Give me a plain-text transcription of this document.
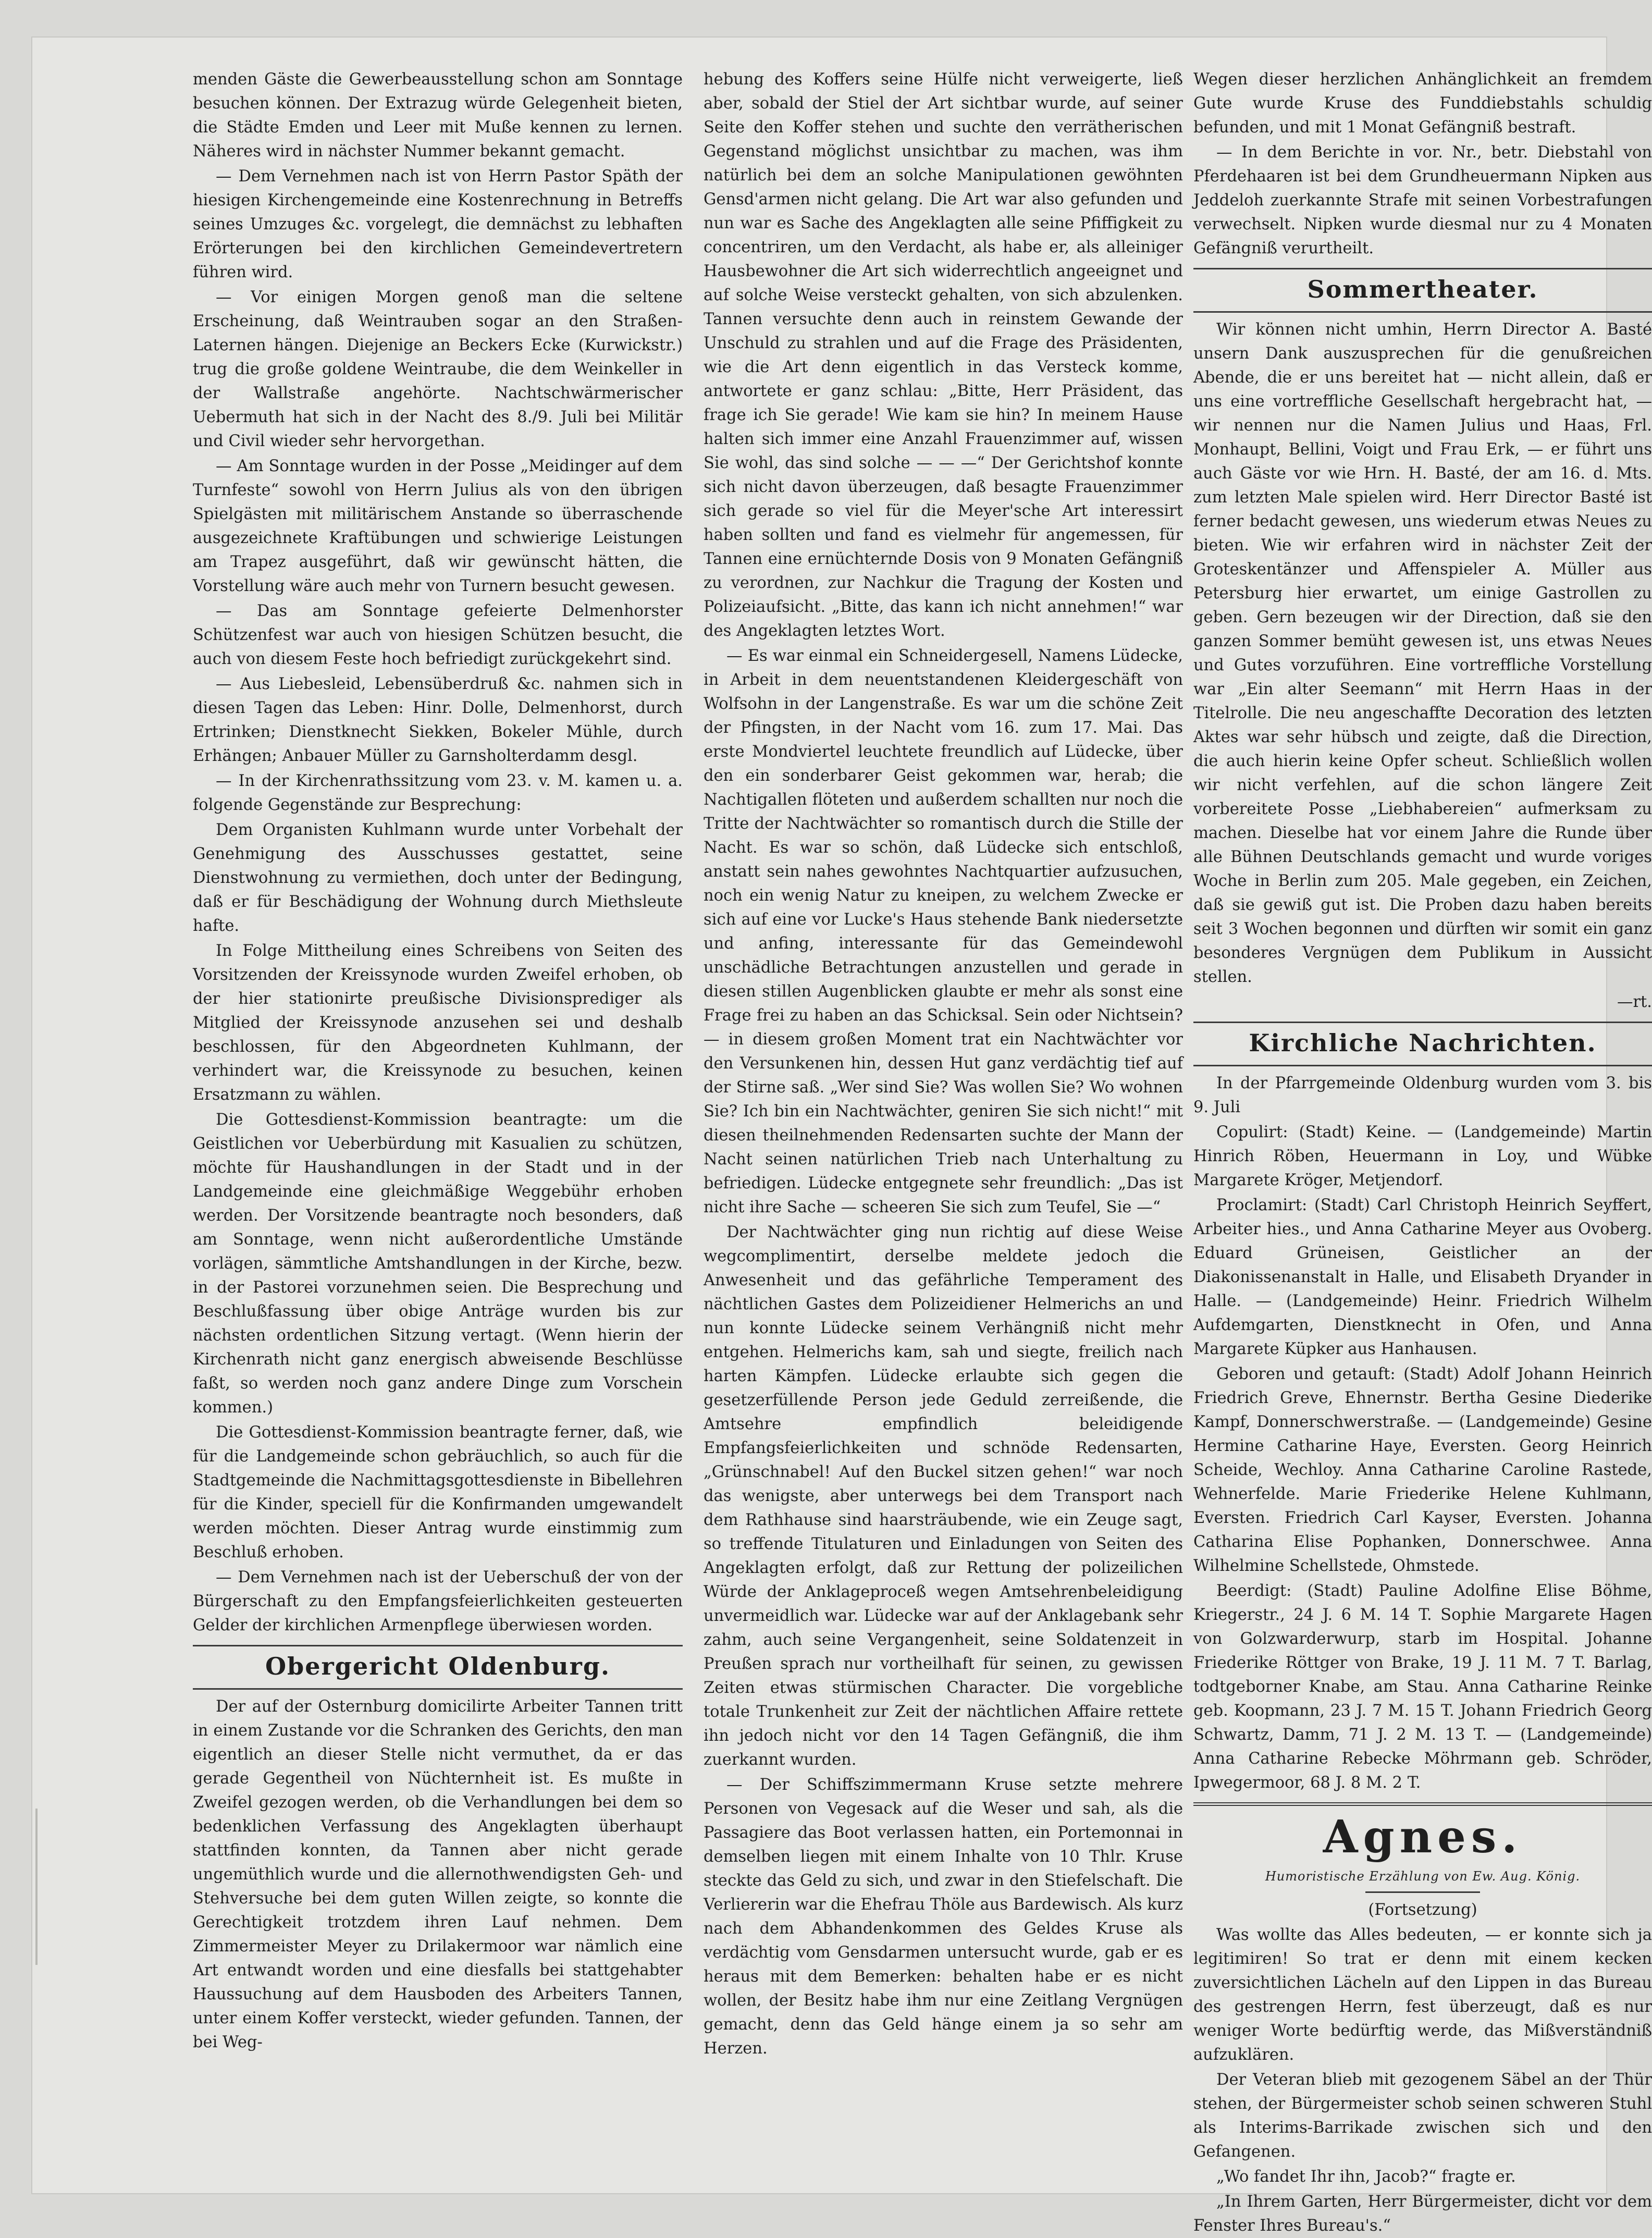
menden Gäste die Gewerbeausstellung schon am Sonntage besuchen können. Der Extrazug würde Gelegenheit bieten, die Städte Emden und Leer mit Muße kennen zu lernen. Näheres wird in nächster Nummer bekannt gemacht.

— Dem Vernehmen nach ist von Herrn Pastor Späth der hiesigen Kirchengemeinde eine Kostenrechnung in Betreffs seines Umzuges &c. vorgelegt, die demnächst zu lebhaften Erörterungen bei den kirchlichen Gemeindevertretern führen wird.

— Vor einigen Morgen genoß man die seltene Erscheinung, daß Weintrauben sogar an den Straßen-Laternen hängen. Diejenige an Beckers Ecke (Kurwickstr.) trug die große goldene Weintraube, die dem Weinkeller in der Wallstraße angehörte. Nachtschwärmerischer Uebermuth hat sich in der Nacht des 8./9. Juli bei Militär und Civil wieder sehr hervorgethan.

— Am Sonntage wurden in der Posse „Meidinger auf dem Turnfeste“ sowohl von Herrn Julius als von den übrigen Spielgästen mit militärischem Anstande so überraschende ausgezeichnete Kraftübungen und schwierige Leistungen am Trapez ausgeführt, daß wir gewünscht hätten, die Vorstellung wäre auch mehr von Turnern besucht gewesen.

— Das am Sonntage gefeierte Delmenhorster Schützenfest war auch von hiesigen Schützen besucht, die auch von diesem Feste hoch befriedigt zurückgekehrt sind.

— Aus Liebesleid, Lebensüberdruß &c. nahmen sich in diesen Tagen das Leben: Hinr. Dolle, Delmenhorst, durch Ertrinken; Dienstknecht Siekken, Bokeler Mühle, durch Erhängen; Anbauer Müller zu Garnsholterdamm desgl.

— In der Kirchenrathssitzung vom 23. v. M. kamen u. a. folgende Gegenstände zur Besprechung:

Dem Organisten Kuhlmann wurde unter Vorbehalt der Genehmigung des Ausschusses gestattet, seine Dienstwohnung zu vermiethen, doch unter der Bedingung, daß er für Beschädigung der Wohnung durch Miethsleute hafte.

In Folge Mittheilung eines Schreibens von Seiten des Vorsitzenden der Kreissynode wurden Zweifel erhoben, ob der hier stationirte preußische Divisionsprediger als Mitglied der Kreissynode anzusehen sei und deshalb beschlossen, für den Abgeordneten Kuhlmann, der verhindert war, die Kreissynode zu besuchen, keinen Ersatzmann zu wählen.

Die Gottesdienst-Kommission beantragte: um die Geistlichen vor Ueberbürdung mit Kasualien zu schützen, möchte für Haushandlungen in der Stadt und in der Landgemeinde eine gleichmäßige Weggebühr erhoben werden. Der Vorsitzende beantragte noch besonders, daß am Sonntage, wenn nicht außerordentliche Umstände vorlägen, sämmtliche Amtshandlungen in der Kirche, bezw. in der Pastorei vorzunehmen seien. Die Besprechung und Beschlußfassung über obige Anträge wurden bis zur nächsten ordentlichen Sitzung vertagt. (Wenn hierin der Kirchenrath nicht ganz energisch abweisende Beschlüsse faßt, so werden noch ganz andere Dinge zum Vorschein kommen.)

Die Gottesdienst-Kommission beantragte ferner, daß, wie für die Landgemeinde schon gebräuchlich, so auch für die Stadtgemeinde die Nachmittagsgottesdienste in Bibellehren für die Kinder, speciell für die Konfirmanden umgewandelt werden möchten. Dieser Antrag wurde einstimmig zum Beschluß erhoben.

— Dem Vernehmen nach ist der Ueberschuß der von der Bürgerschaft zu den Empfangsfeierlichkeiten gesteuerten Gelder der kirchlichen Armenpflege überwiesen worden.

Obergericht Oldenburg.

Der auf der Osternburg domicilirte Arbeiter Tannen tritt in einem Zustande vor die Schranken des Gerichts, den man eigentlich an dieser Stelle nicht vermuthet, da er das gerade Gegentheil von Nüchternheit ist. Es mußte in Zweifel gezogen werden, ob die Verhandlungen bei dem so bedenklichen Verfassung des Angeklagten überhaupt stattfinden konnten, da Tannen aber nicht gerade ungemüthlich wurde und die allernothwendigsten Geh- und Stehversuche bei dem guten Willen zeigte, so konnte die Gerechtigkeit trotzdem ihren Lauf nehmen. Dem Zimmermeister Meyer zu Drilakermoor war nämlich eine Art entwandt worden und eine diesfalls bei stattgehabter Haussuchung auf dem Hausboden des Arbeiters Tannen, unter einem Koffer versteckt, wieder gefunden. Tannen, der bei Weg-

hebung des Koffers seine Hülfe nicht verweigerte, ließ aber, sobald der Stiel der Art sichtbar wurde, auf seiner Seite den Koffer stehen und suchte den verrätherischen Gegenstand möglichst unsichtbar zu machen, was ihm natürlich bei dem an solche Manipulationen gewöhnten Gensd'armen nicht gelang. Die Art war also gefunden und nun war es Sache des Angeklagten alle seine Pfiffigkeit zu concentriren, um den Verdacht, als habe er, als alleiniger Hausbewohner die Art sich widerrechtlich angeeignet und auf solche Weise versteckt gehalten, von sich abzulenken. Tannen versuchte denn auch in reinstem Gewande der Unschuld zu strahlen und auf die Frage des Präsidenten, wie die Art denn eigentlich in das Versteck komme, antwortete er ganz schlau: „Bitte, Herr Präsident, das frage ich Sie gerade! Wie kam sie hin? In meinem Hause halten sich immer eine Anzahl Frauenzimmer auf, wissen Sie wohl, das sind solche — — —“ Der Gerichtshof konnte sich nicht davon überzeugen, daß besagte Frauenzimmer sich gerade so viel für die Meyer'sche Art interessirt haben sollten und fand es vielmehr für angemessen, für Tannen eine ernüchternde Dosis von 9 Monaten Gefängniß zu verordnen, zur Nachkur die Tragung der Kosten und Polizeiaufsicht. „Bitte, das kann ich nicht annehmen!“ war des Angeklagten letztes Wort.

— Es war einmal ein Schneidergesell, Namens Lüdecke, in Arbeit in dem neuentstandenen Kleidergeschäft von Wolfsohn in der Langenstraße. Es war um die schöne Zeit der Pfingsten, in der Nacht vom 16. zum 17. Mai. Das erste Mondviertel leuchtete freundlich auf Lüdecke, über den ein sonderbarer Geist gekommen war, herab; die Nachtigallen flöteten und außerdem schallten nur noch die Tritte der Nachtwächter so romantisch durch die Stille der Nacht. Es war so schön, daß Lüdecke sich entschloß, anstatt sein nahes gewohntes Nachtquartier aufzusuchen, noch ein wenig Natur zu kneipen, zu welchem Zwecke er sich auf eine vor Lucke's Haus stehende Bank niedersetzte und anfing, interessante für das Gemeindewohl unschädliche Betrachtungen anzustellen und gerade in diesen stillen Augenblicken glaubte er mehr als sonst eine Frage frei zu haben an das Schicksal. Sein oder Nichtsein? — in diesem großen Moment trat ein Nachtwächter vor den Versunkenen hin, dessen Hut ganz verdächtig tief auf der Stirne saß. „Wer sind Sie? Was wollen Sie? Wo wohnen Sie? Ich bin ein Nachtwächter, geniren Sie sich nicht!“ mit diesen theilnehmenden Redensarten suchte der Mann der Nacht seinen natürlichen Trieb nach Unterhaltung zu befriedigen. Lüdecke entgegnete sehr freundlich: „Das ist nicht ihre Sache — scheeren Sie sich zum Teufel, Sie —“

Der Nachtwächter ging nun richtig auf diese Weise wegcomplimentirt, derselbe meldete jedoch die Anwesenheit und das gefährliche Temperament des nächtlichen Gastes dem Polizeidiener Helmerichs an und nun konnte Lüdecke seinem Verhängniß nicht mehr entgehen. Helmerichs kam, sah und siegte, freilich nach harten Kämpfen. Lüdecke erlaubte sich gegen die gesetzerfüllende Person jede Geduld zerreißende, die Amtsehre empfindlich beleidigende Empfangsfeierlichkeiten und schnöde Redensarten, „Grünschnabel! Auf den Buckel sitzen gehen!“ war noch das wenigste, aber unterwegs bei dem Transport nach dem Rathhause sind haarsträubende, wie ein Zeuge sagt, so treffende Titulaturen und Einladungen von Seiten des Angeklagten erfolgt, daß zur Rettung der polizeilichen Würde der Anklageproceß wegen Amtsehrenbeleidigung unvermeidlich war. Lüdecke war auf der Anklagebank sehr zahm, auch seine Vergangenheit, seine Soldatenzeit in Preußen sprach nur vortheilhaft für seinen, zu gewissen Zeiten etwas stürmischen Character. Die vorgebliche totale Trunkenheit zur Zeit der nächtlichen Affaire rettete ihn jedoch nicht vor den 14 Tagen Gefängniß, die ihm zuerkannt wurden.

— Der Schiffszimmermann Kruse setzte mehrere Personen von Vegesack auf die Weser und sah, als die Passagiere das Boot verlassen hatten, ein Portemonnai in demselben liegen mit einem Inhalte von 10 Thlr. Kruse steckte das Geld zu sich, und zwar in den Stiefelschaft. Die Verliererin war die Ehefrau Thöle aus Bardewisch. Als kurz nach dem Abhandenkommen des Geldes Kruse als verdächtig vom Gensdarmen untersucht wurde, gab er es heraus mit dem Bemerken: behalten habe er es nicht wollen, der Besitz habe ihm nur eine Zeitlang Vergnügen gemacht, denn das Geld hänge einem ja so sehr am Herzen.

Wegen dieser herzlichen Anhänglichkeit an fremdem Gute wurde Kruse des Funddiebstahls schuldig befunden, und mit 1 Monat Gefängniß bestraft.

— In dem Berichte in vor. Nr., betr. Diebstahl von Pferdehaaren ist bei dem Grundheuermann Nipken aus Jeddeloh zuerkannte Strafe mit seinen Vorbestrafungen verwechselt. Nipken wurde diesmal nur zu 4 Monaten Gefängniß verurtheilt.

Sommertheater.

Wir können nicht umhin, Herrn Director A. Basté unsern Dank auszusprechen für die genußreichen Abende, die er uns bereitet hat — nicht allein, daß er uns eine vortreffliche Gesellschaft hergebracht hat, — wir nennen nur die Namen Julius und Haas, Frl. Monhaupt, Bellini, Voigt und Frau Erk, — er führt uns auch Gäste vor wie Hrn. H. Basté, der am 16. d. Mts. zum letzten Male spielen wird. Herr Director Basté ist ferner bedacht gewesen, uns wiederum etwas Neues zu bieten. Wie wir erfahren wird in nächster Zeit der Groteskentänzer und Affenspieler A. Müller aus Petersburg hier erwartet, um einige Gastrollen zu geben. Gern bezeugen wir der Direction, daß sie den ganzen Sommer bemüht gewesen ist, uns etwas Neues und Gutes vorzuführen. Eine vortreffliche Vorstellung war „Ein alter Seemann“ mit Herrn Haas in der Titelrolle. Die neu angeschaffte Decoration des letzten Aktes war sehr hübsch und zeigte, daß die Direction, die auch hierin keine Opfer scheut. Schließlich wollen wir nicht verfehlen, auf die schon längere Zeit vorbereitete Posse „Liebhabereien“ aufmerksam zu machen. Dieselbe hat vor einem Jahre die Runde über alle Bühnen Deutschlands gemacht und wurde voriges Woche in Berlin zum 205. Male gegeben, ein Zeichen, daß sie gewiß gut ist. Die Proben dazu haben bereits seit 3 Wochen begonnen und dürften wir somit ein ganz besonderes Vergnügen dem Publikum in Aussicht stellen.

—rt.

Kirchliche Nachrichten.

In der Pfarrgemeinde Oldenburg wurden vom 3. bis 9. Juli

Copulirt: (Stadt) Keine. — (Landgemeinde) Martin Hinrich Röben, Heuermann in Loy, und Wübke Margarete Kröger, Metjendorf.

Proclamirt: (Stadt) Carl Christoph Heinrich Seyffert, Arbeiter hies., und Anna Catharine Meyer aus Ovoberg. Eduard Grüneisen, Geistlicher an der Diakonissenanstalt in Halle, und Elisabeth Dryander in Halle. — (Landgemeinde) Heinr. Friedrich Wilhelm Aufdemgarten, Dienstknecht in Ofen, und Anna Margarete Küpker aus Hanhausen.

Geboren und getauft: (Stadt) Adolf Johann Heinrich Friedrich Greve, Ehnernstr. Bertha Gesine Diederike Kampf, Donnerschwerstraße. — (Landgemeinde) Gesine Hermine Catharine Haye, Eversten. Georg Heinrich Scheide, Wechloy. Anna Catharine Caroline Rastede, Wehnerfelde. Marie Friederike Helene Kuhlmann, Eversten. Friedrich Carl Kayser, Eversten. Johanna Catharina Elise Pophanken, Donnerschwee. Anna Wilhelmine Schellstede, Ohmstede.

Beerdigt: (Stadt) Pauline Adolfine Elise Böhme, Kriegerstr., 24 J. 6 M. 14 T. Sophie Margarete Hagen von Golzwarderwurp, starb im Hospital. Johanne Friederike Röttger von Brake, 19 J. 11 M. 7 T. Barlag, todtgeborner Knabe, am Stau. Anna Catharine Reinke geb. Koopmann, 23 J. 7 M. 15 T. Johann Friedrich Georg Schwartz, Damm, 71 J. 2 M. 13 T. — (Landgemeinde) Anna Catharine Rebecke Möhrmann geb. Schröder, Ipwegermoor, 68 J. 8 M. 2 T.

Agnes.
Humoristische Erzählung von Ew. Aug. König.

(Fortsetzung)

Was wollte das Alles bedeuten, — er konnte sich ja legitimiren! So trat er denn mit einem kecken zuversichtlichen Lächeln auf den Lippen in das Bureau des gestrengen Herrn, fest überzeugt, daß es nur weniger Worte bedürftig werde, das Mißverständniß aufzuklären.

Der Veteran blieb mit gezogenem Säbel an der Thür stehen, der Bürgermeister schob seinen schweren Stuhl als Interims-Barrikade zwischen sich und den Gefangenen.

„Wo fandet Ihr ihn, Jacob?“ fragte er.

„In Ihrem Garten, Herr Bürgermeister, dicht vor dem Fenster Ihres Bureau's.“
